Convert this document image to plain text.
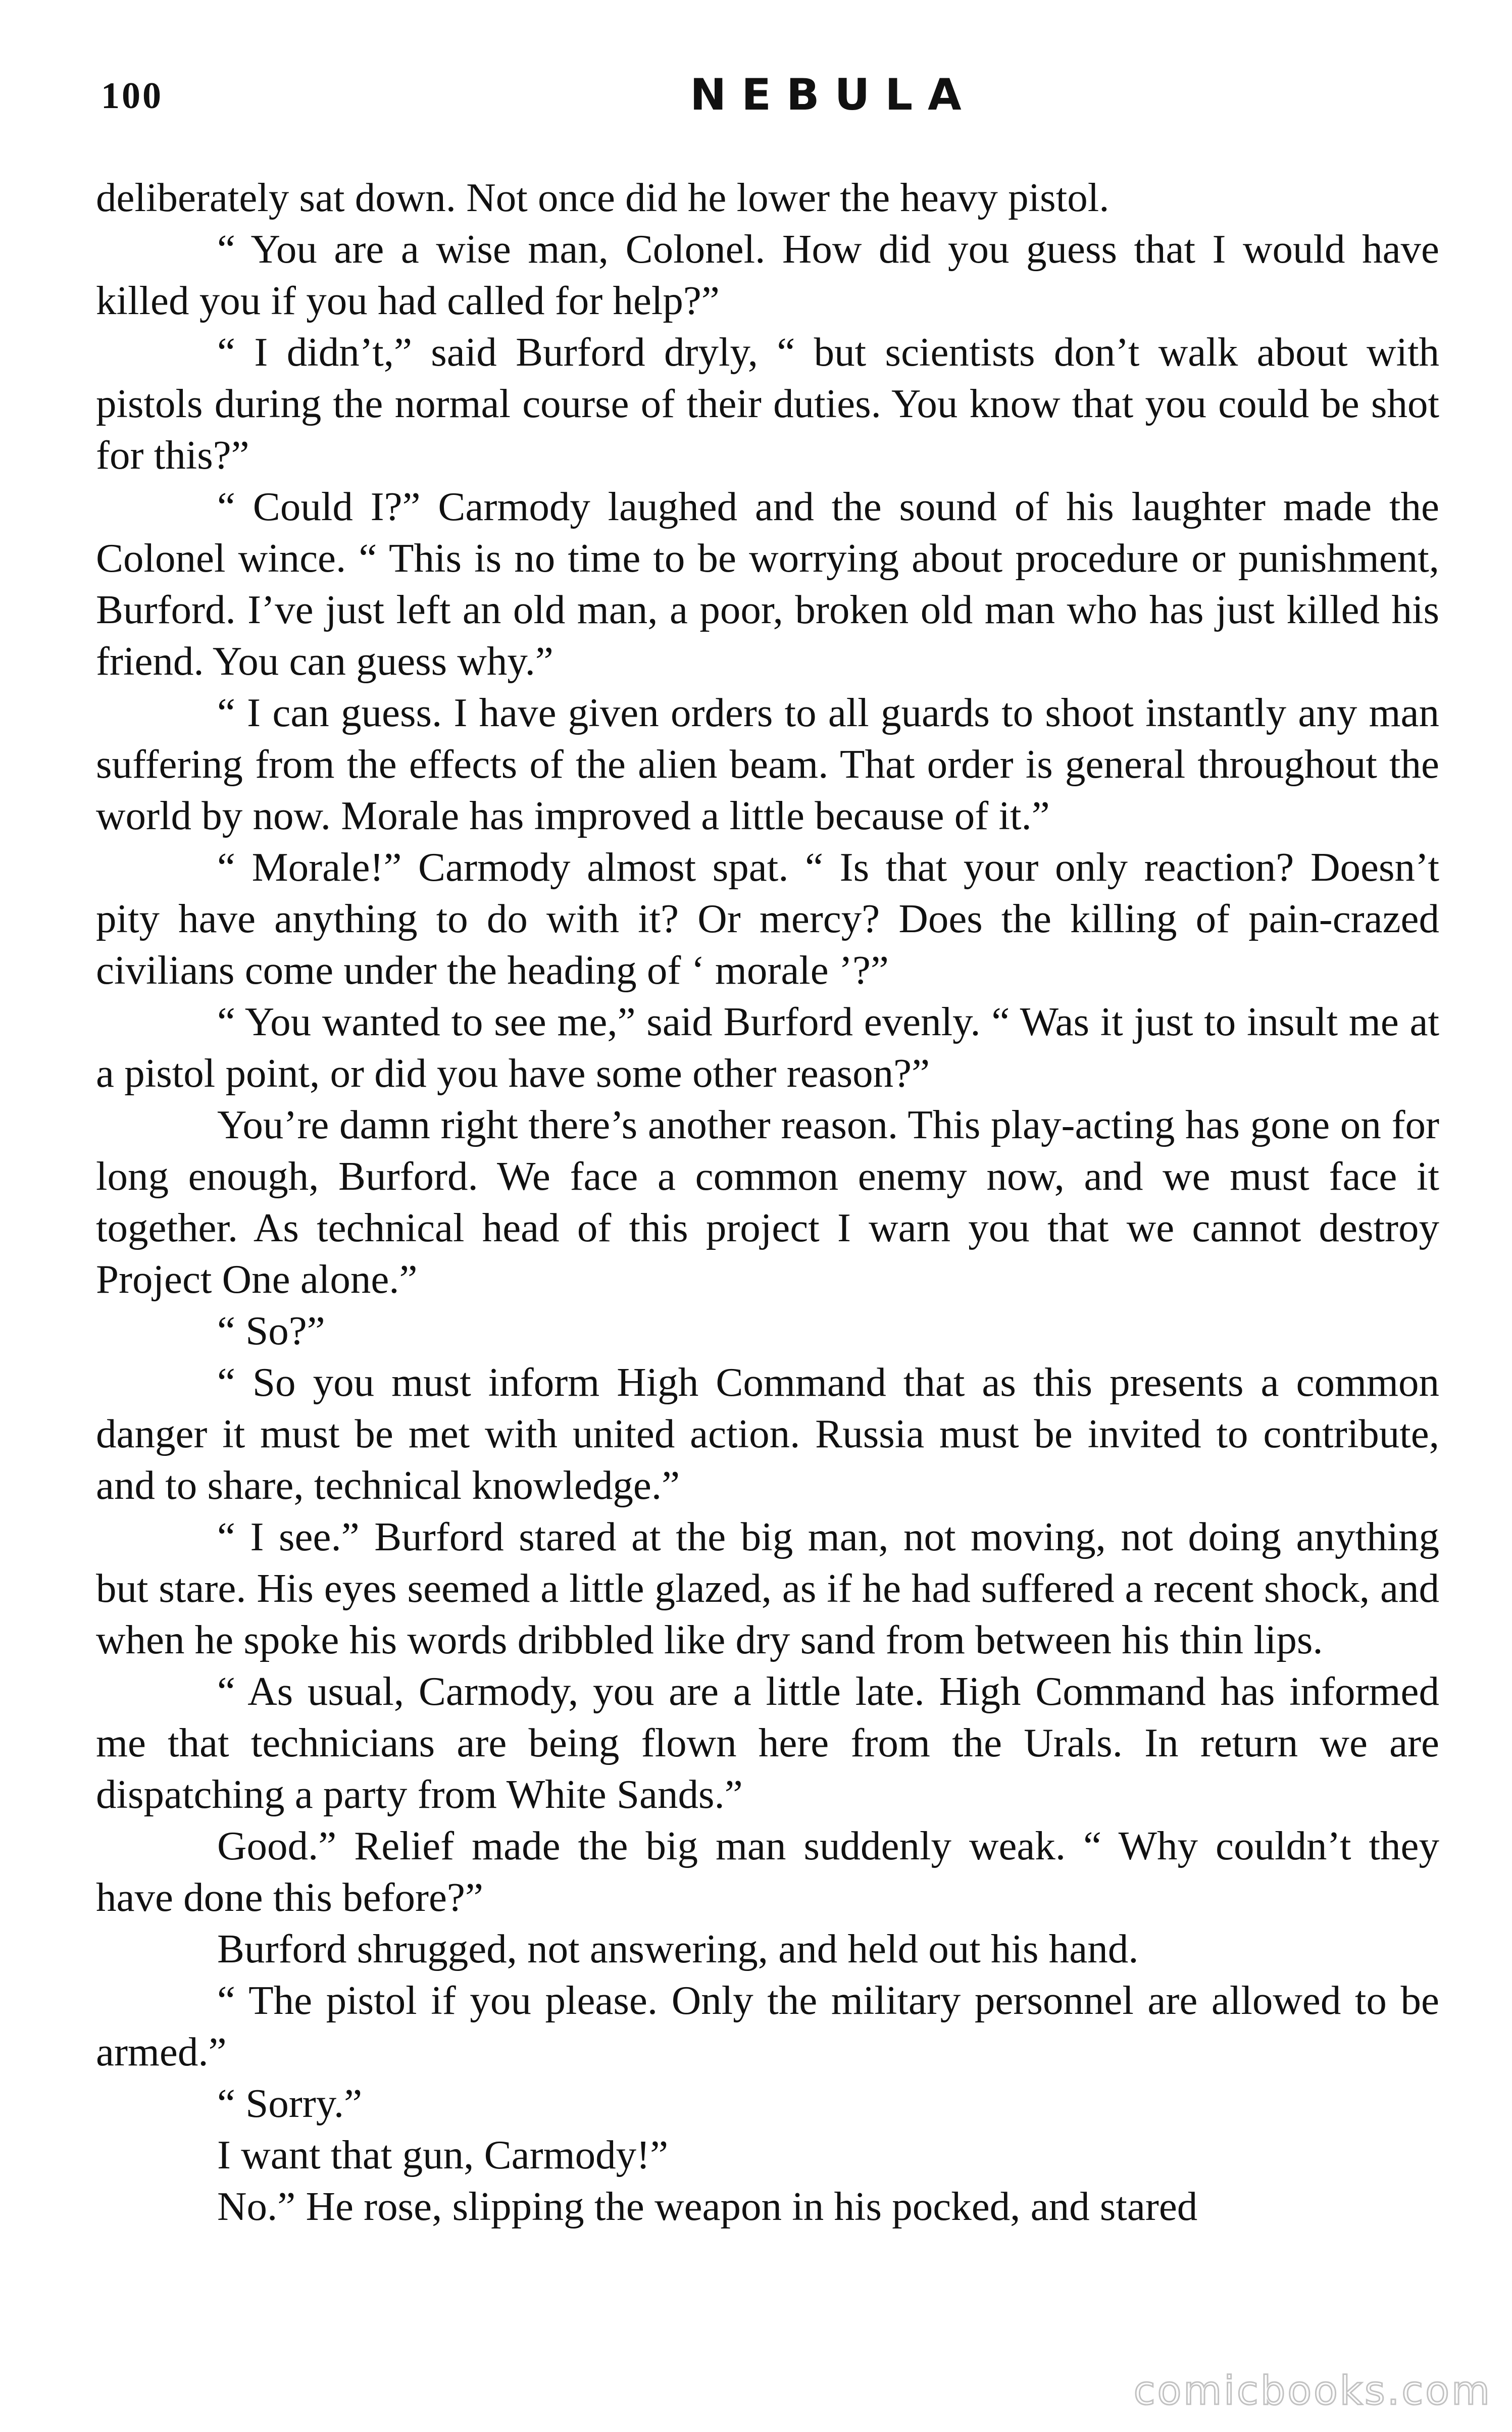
100	NEBULA

deliberately sat down. Not once did he lower the heavy pistol.

“ You are a wise man, Colonel. How did you guess that I would have killed you if you had called for help?”

“ I didn’t,” said Burford dryly, “ but scientists don’t walk about with pistols during the normal course of their duties. You know that you could be shot for this?”

“ Could I?” Carmody laughed and the sound of his laughter made the Colonel wince. “ This is no time to be worrying about procedure or punishment, Burford. I’ve just left an old man, a poor, broken old man who has just killed his friend. You can guess why.”

“ I can guess. I have given orders to all guards to shoot instantly any man suffering from the effects of the alien beam. That order is general throughout the world by now. Morale has improved a little because of it.”

“ Morale!” Carmody almost spat. “ Is that your only reaction? Doesn’t pity have anything to do with it? Or mercy? Does the killing of pain-crazed civilians come under the heading of ‘ morale ’?”

“ You wanted to see me,” said Burford evenly. “ Was it just to insult me at a pistol point, or did you have some other reason?”

You’re damn right there’s another reason. This play-acting has gone on for long enough, Burford. We face a common enemy now, and we must face it together. As technical head of this project I warn you that we cannot destroy Project One alone.”

“ So?”

“ So you must inform High Command that as this presents a common danger it must be met with united action. Russia must be invited to contribute, and to share, technical knowledge.”

“ I see.” Burford stared at the big man, not moving, not doing anything but stare. His eyes seemed a little glazed, as if he had suffered a recent shock, and when he spoke his words dribbled like dry sand from between his thin lips.

“ As usual, Carmody, you are a little late. High Command has informed me that technicians are being flown here from the Urals. In return we are dispatching a party from White Sands.”

Good.” Relief made the big man suddenly weak. “ Why couldn’t they have done this before?”

Burford shrugged, not answering, and held out his hand.

“ The pistol if you please. Only the military personnel are allowed to be armed.”

“ Sorry.”

I want that gun, Carmody!”

No.” He rose, slipping the weapon in his pocked, and stared

comicbooks.com
